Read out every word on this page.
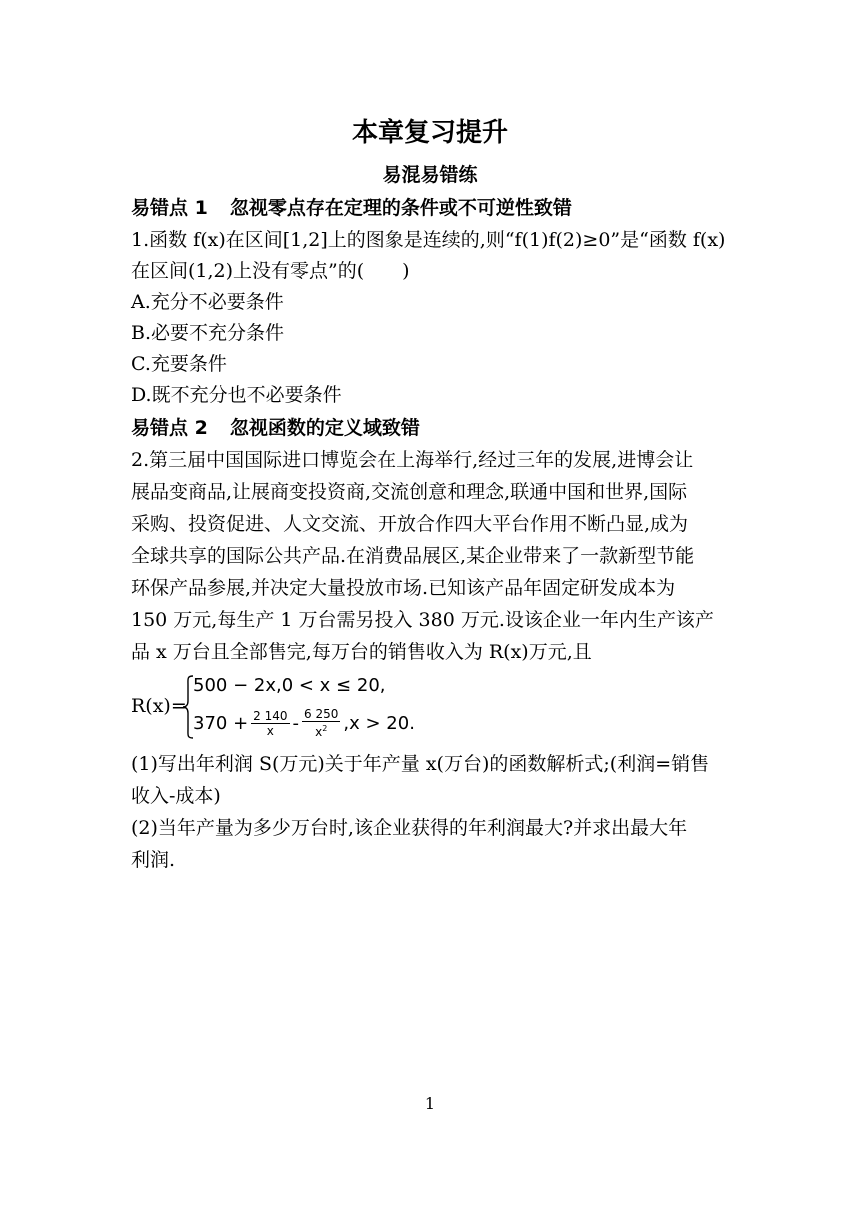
本章复习提升
易混易错练
易错点 1 忽视零点存在定理的条件或不可逆性致错
1.函数 f(x)在区间[1,2]上的图象是连续的,则“f(1)f(2)≥0”是“函数 f(x)
在区间(1,2)上没有零点”的(　　)
A.充分不必要条件
B.必要不充分条件
C.充要条件
D.既不充分也不必要条件
易错点 2 忽视函数的定义域致错
2.第三届中国国际进口博览会在上海举行,经过三年的发展,进博会让
展品变商品,让展商变投资商,交流创意和理念,联通中国和世界,国际
采购、投资促进、人文交流、开放合作四大平台作用不断凸显,成为
全球共享的国际公共产品.在消费品展区,某企业带来了一款新型节能
环保产品参展,并决定大量投放市场.已知该产品年固定研发成本为
150 万元,每生产 1 万台需另投入 380 万元.设该企业一年内生产该产
品 x 万台且全部售完,每万台的销售收入为 R(x)万元,且
R(x)=
500 − 2x,0 < x ≤ 20,
$370 + \frac{2 140}{x} - \frac{6 250}{x^2} ,x > 20$.
(1)写出年利润 S(万元)关于年产量 x(万台)的函数解析式;(利润=销售
收入-成本)
(2)当年产量为多少万台时,该企业获得的年利润最大?并求出最大年
利润.
1
